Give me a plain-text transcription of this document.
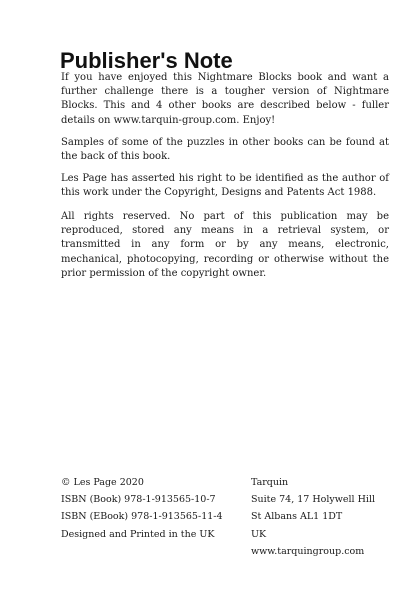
Publisher's Note

If you have enjoyed this Nightmare Blocks book and want a further challenge there is a tougher version of Nightmare Blocks. This and 4 other books are described below - fuller details on www.tarquin-group.com. Enjoy!

Samples of some of the puzzles in other books can be found at the back of this book.

Les Page has asserted his right to be identified as the author of this work under the Copyright, Designs and Patents Act 1988.

All rights reserved. No part of this publication may be reproduced, stored any means in a retrieval system, or transmitted in any form or by any means, electronic, mechanical, photocopying, recording or otherwise without the prior permission of the copyright owner.

© Les Page 2020
ISBN (Book) 978-1-913565-10-7
ISBN (EBook) 978-1-913565-11-4
Designed and Printed in the UK
Tarquin
Suite 74, 17 Holywell Hill
St Albans AL1 1DT
UK
www.tarquingroup.com
